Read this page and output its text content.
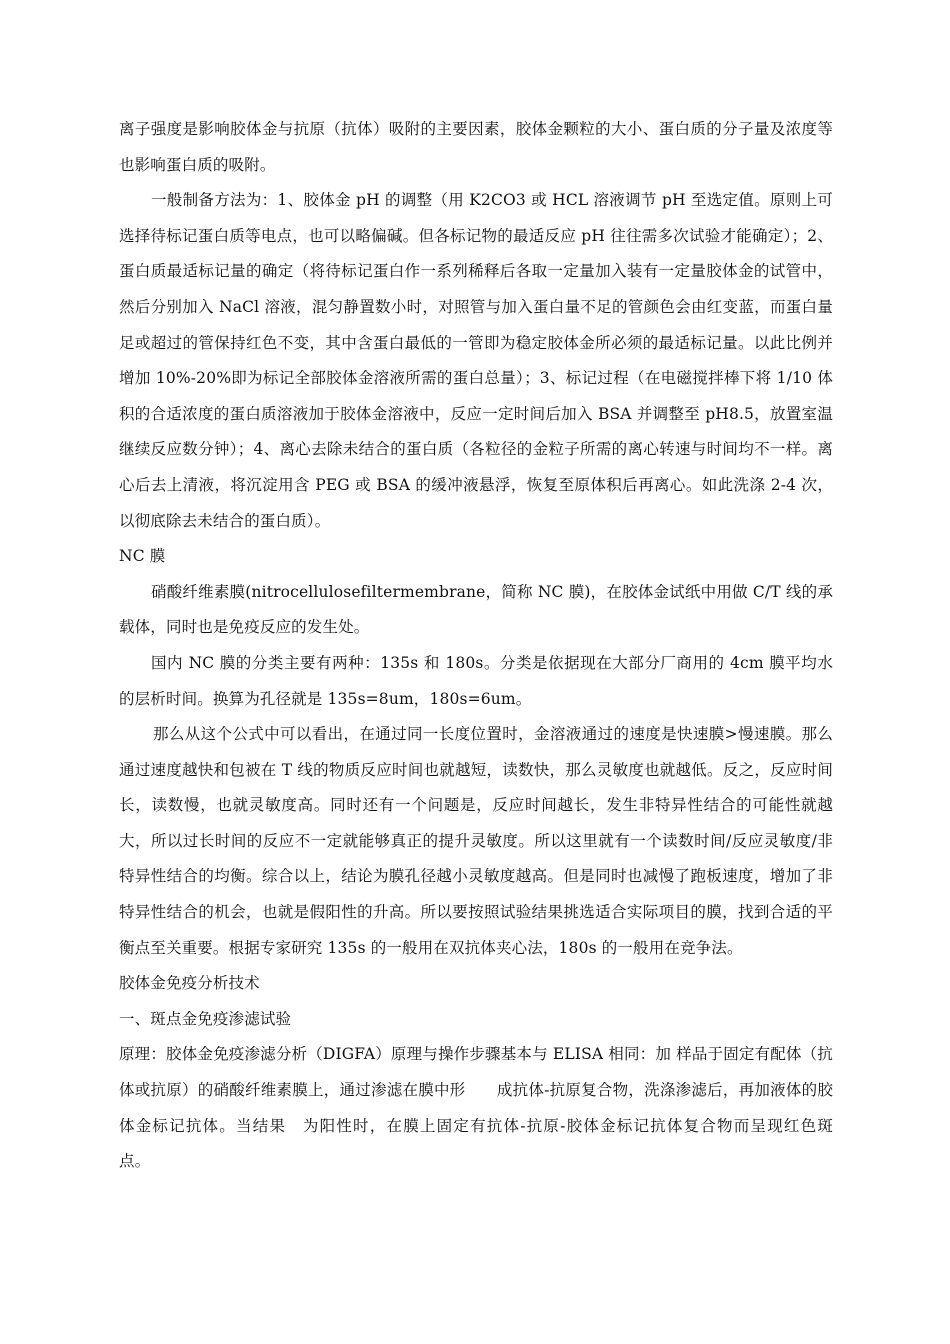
离子强度是影响胶体金与抗原（抗体）吸附的主要因素，胶体金颗粒的大小、蛋白质的分子量及浓度等也影响蛋白质的吸附。

一般制备方法为：1、胶体金 pH 的调整（用 K2CO3 或 HCL 溶液调节 pH 至选定值。原则上可选择待标记蛋白质等电点，也可以略偏碱。但各标记物的最适反应 pH 往往需多次试验才能确定）；2、蛋白质最适标记量的确定（将待标记蛋白作一系列稀释后各取一定量加入装有一定量胶体金的试管中，然后分别加入 NaCl 溶液，混匀静置数小时，对照管与加入蛋白量不足的管颜色会由红变蓝，而蛋白量足或超过的管保持红色不变，其中含蛋白最低的一管即为稳定胶体金所必须的最适标记量。以此比例并增加 10%-20%即为标记全部胶体金溶液所需的蛋白总量）；3、标记过程（在电磁搅拌棒下将 1/10 体积的合适浓度的蛋白质溶液加于胶体金溶液中，反应一定时间后加入 BSA 并调整至 pH8.5，放置室温继续反应数分钟）；4、离心去除未结合的蛋白质（各粒径的金粒子所需的离心转速与时间均不一样。离心后去上清液，将沉淀用含 PEG 或 BSA 的缓冲液悬浮，恢复至原体积后再离心。如此洗涤 2-4 次，以彻底除去未结合的蛋白质）。

NC 膜

硝酸纤维素膜(nitrocellulosefiltermembrane，简称 NC 膜)，在胶体金试纸中用做 C/T 线的承载体，同时也是免疫反应的发生处。

国内 NC 膜的分类主要有两种：135s 和 180s。分类是依据现在大部分厂商用的 4cm 膜平均水的层析时间。换算为孔径就是 135s=8um，180s=6um。

那么从这个公式中可以看出，在通过同一长度位置时，金溶液通过的速度是快速膜>慢速膜。那么通过速度越快和包被在 T 线的物质反应时间也就越短，读数快，那么灵敏度也就越低。反之，反应时间长，读数慢，也就灵敏度高。同时还有一个问题是，反应时间越长，发生非特异性结合的可能性就越大，所以过长时间的反应不一定就能够真正的提升灵敏度。所以这里就有一个读数时间/反应灵敏度/非特异性结合的均衡。综合以上，结论为膜孔径越小灵敏度越高。但是同时也减慢了跑板速度，增加了非特异性结合的机会，也就是假阳性的升高。所以要按照试验结果挑选适合实际项目的膜，找到合适的平衡点至关重要。根据专家研究 135s 的一般用在双抗体夹心法，180s 的一般用在竞争法。

胶体金免疫分析技术

一、斑点金免疫渗滤试验

原理：胶体金免疫渗滤分析（DIGFA）原理与操作步骤基本与 ELISA 相同：加 样品于固定有配体（抗体或抗原）的硝酸纤维素膜上，通过渗滤在膜中形　　成抗体-抗原复合物，洗涤渗滤后，再加液体的胶体金标记抗体。当结果　为阳性时，在膜上固定有抗体-抗原-胶体金标记抗体复合物而呈现红色斑　点。
